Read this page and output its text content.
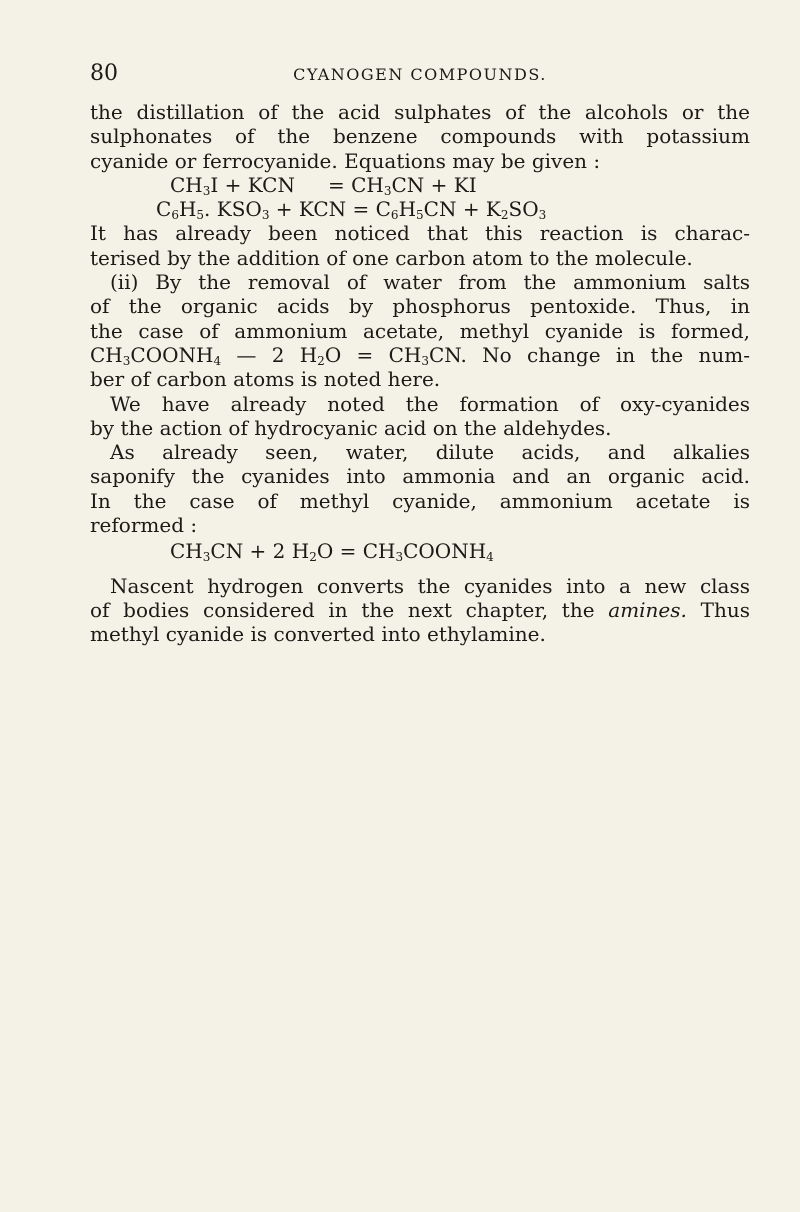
80	CYANOGEN COMPOUNDS.
the distillation of the acid sulphates of the alcohols or the
sulphonates of the benzene compounds with potassium
cyanide or ferrocyanide. Equations may be given :
$CH_3I$ + KCN = $CH_3CN$ + KI
$C_6H_5$. $KSO_3$ + KCN = $C_6H_5CN + K_2SO_3$
It has already been noticed that this reaction is charac-
terised by the addition of one carbon atom to the molecule.
(ii) By the removal of water from the ammonium salts
of the organic acids by phosphorus pentoxide. Thus, in
the case of ammonium acetate, methyl cyanide is formed,
$CH_3COONH_4$ — 2 $H_2O = CH_3CN$. No change in the num-
ber of carbon atoms is noted here.
We have already noted the formation of oxy-cyanides
by the action of hydrocyanic acid on the aldehydes.
As already seen, water, dilute acids, and alkalies
saponify the cyanides into ammonia and an organic acid.
In the case of methyl cyanide, ammonium acetate is
reformed :
$CH_3CN + 2$ $H_2O$ = $CH_3COONH_4$
Nascent hydrogen converts the cyanides into a new class
of bodies considered in the next chapter, the amines. Thus
methyl cyanide is converted into ethylamine.
